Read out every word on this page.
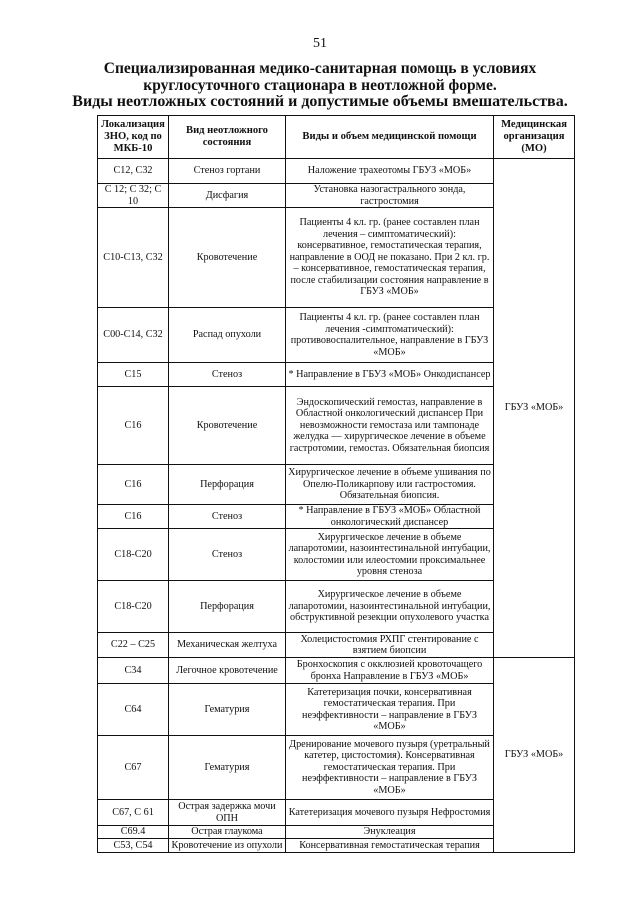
51
Специализированная медико-санитарная помощь в условиях
круглосуточного стационара в неотложной форме.
Виды неотложных состояний и допустимые объемы вмешательства.
Локализация ЗНО, код по МКБ-10	Вид неотложного состояния	Виды и объем медицинской помощи	Медицинская организация (МО)
C12, C32	Стеноз гортани	Наложение трахеотомы ГБУЗ «МОБ»	ГБУЗ «МОБ»
C 12; C 32; C 10	Дисфагия	Установка назогастрального зонда, гастростомия	
C10-C13, C32	Кровотечение	Пациенты 4 кл. гр. (ранее составлен план лечения – симптоматический): консервативное, гемостатическая терапия, направление в ООД не показано. При 2 кл. гр. – консервативное, гемостатическая терапия, после стабилизации состояния направление в ГБУЗ «МОБ»	
C00-C14, C32	Распад опухоли	Пациенты 4 кл. гр. (ранее составлен план лечения -симптоматический): противовоспалительное, направление в ГБУЗ «МОБ»	
C15	Стеноз	* Направление в ГБУЗ «МОБ» Онкодиспансер	
C16	Кровотечение	Эндоскопический гемостаз, направление в Областной онкологический диспансер При невозможности гемостаза или тампонаде желудка — хирургическое лечение в объеме гастротомии, гемостаз. Обязательная биопсия	
C16	Перфорация	Хирургическое лечение в объеме ушивания по Опелю-Поликарпову или гастростомия. Обязательная биопсия.	
C16	Стеноз	* Направление в ГБУЗ «МОБ» Областной онкологический диспансер	
C18-C20	Стеноз	Хирургическое лечение в объеме лапаротомии, назоинтестинальной интубации, колостомии или илеостомии проксимальнее уровня стеноза	
C18-C20	Перфорация	Хирургическое лечение в объеме лапаротомии, назоинтестинальной интубации, обструктивной резекции опухолевого участка	
C22 – C25	Механическая желтуха	Холецистостомия РХПГ стентирование с взятием биопсии	
C34	Легочное кровотечение	Бронхоскопия с окклюзией кровоточащего бронха Направление в ГБУЗ «МОБ»	ГБУЗ «МОБ»
C64	Гематурия	Катетеризация почки, консервативная гемостатическая терапия. При неэффективности – направление в ГБУЗ «МОБ»	
C67	Гематурия	Дренирование мочевого пузыря (уретральный катетер, цистостомия). Консервативная гемостатическая терапия. При неэффективности – направление в ГБУЗ «МОБ»	
C67, C 61	Острая задержка мочи ОПН	Катетеризация мочевого пузыря Нефростомия	
C69.4	Острая глаукома	Энуклеация	
C53, C54	Кровотечение из опухоли	Консервативная гемостатическая терапия	
